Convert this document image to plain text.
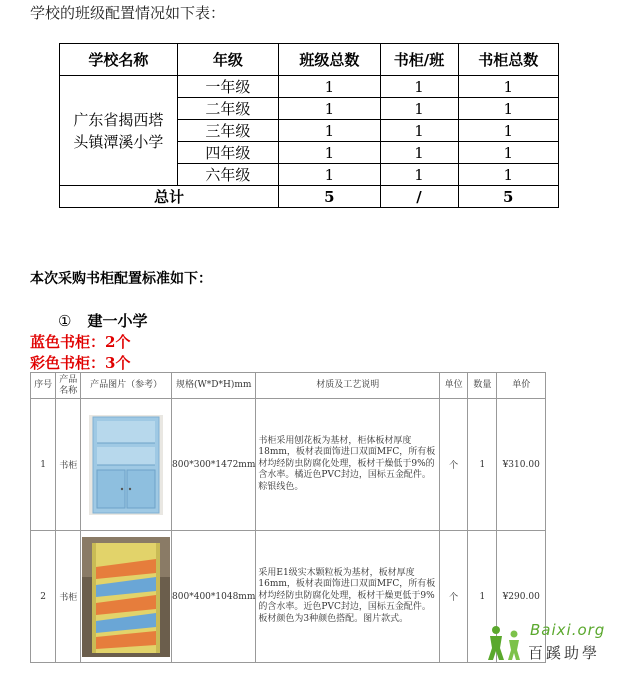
学校的班级配置情况如下表：
学校名称	年级	班级总数	书柜/班	书柜总数

广东省揭西塔头镇潭溪小学	一年级	1	1	1
	二年级	1	1	1
	三年级	1	1	1
	四年级	1	1	1
	六年级	1	1	1
总计		5	/	5
本次采购书柜配置标准如下：
① 建一小学
蓝色书柜：2个
彩色书柜：3个
序号	产品名称	产品图片（参考）	规格(W*D*H)mm	材质及工艺说明	单位	数量	单价
1	书柜		800*300*1472mm	书柜采用刨花板为基材，柜体板材厚度18mm，板材表面饰进口双面MFC，所有板材均经防虫防腐化处理，板材干燥低于9%的含水率。橘近色PVC封边，国标五金配件。粽银线色。	个	1	¥310.00
2	书柜		800*400*1048mm	采用E1级实木颗粒板为基材，板材厚度16mm，板材表面饰进口双面MFC，所有板材均经防虫防腐化处理，板材干燥更低于9%的含水率。近色PVC封边，国标五金配件。板材颜色为3种颜色搭配。图片款式。	个	1	¥290.00
Baixi.org
百蹊助學
